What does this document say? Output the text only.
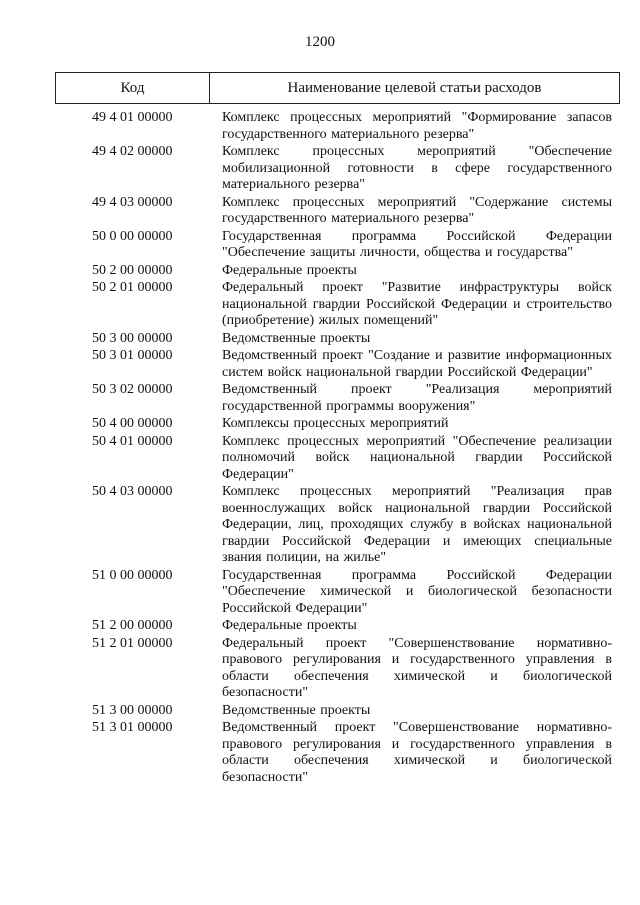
1200
Код	Наименование целевой статьи расходов
49 4 01 00000	Комплекс процессных мероприятий "Формирование запасов государственного материального резерва"
49 4 02 00000	Комплекс процессных мероприятий "Обеспечение мобилизационной готовности в сфере государственного материального резерва"
49 4 03 00000	Комплекс процессных мероприятий "Содержание системы государственного материального резерва"
50 0 00 00000	Государственная программа Российской Федерации "Обеспечение защиты личности, общества и государства"
50 2 00 00000	Федеральные проекты
50 2 01 00000	Федеральный проект "Развитие инфраструктуры войск национальной гвардии Российской Федерации и строительство (приобретение) жилых помещений"
50 3 00 00000	Ведомственные проекты
50 3 01 00000	Ведомственный проект "Создание и развитие информационных систем войск национальной гвардии Российской Федерации"
50 3 02 00000	Ведомственный проект "Реализация мероприятий государственной программы вооружения"
50 4 00 00000	Комплексы процессных мероприятий
50 4 01 00000	Комплекс процессных мероприятий "Обеспечение реализации полномочий войск национальной гвардии Российской Федерации"
50 4 03 00000	Комплекс процессных мероприятий "Реализация прав военнослужащих войск национальной гвардии Российской Федерации, лиц, проходящих службу в войсках национальной гвардии Российской Федерации и имеющих специальные звания полиции, на жилье"
51 0 00 00000	Государственная программа Российской Федерации "Обеспечение химической и биологической безопасности Российской Федерации"
51 2 00 00000	Федеральные проекты
51 2 01 00000	Федеральный проект "Совершенствование нормативно-правового регулирования и государственного управления в области обеспечения химической и биологической безопасности"
51 3 00 00000	Ведомственные проекты
51 3 01 00000	Ведомственный проект "Совершенствование нормативно-правового регулирования и государственного управления в области обеспечения химической и биологической безопасности"
